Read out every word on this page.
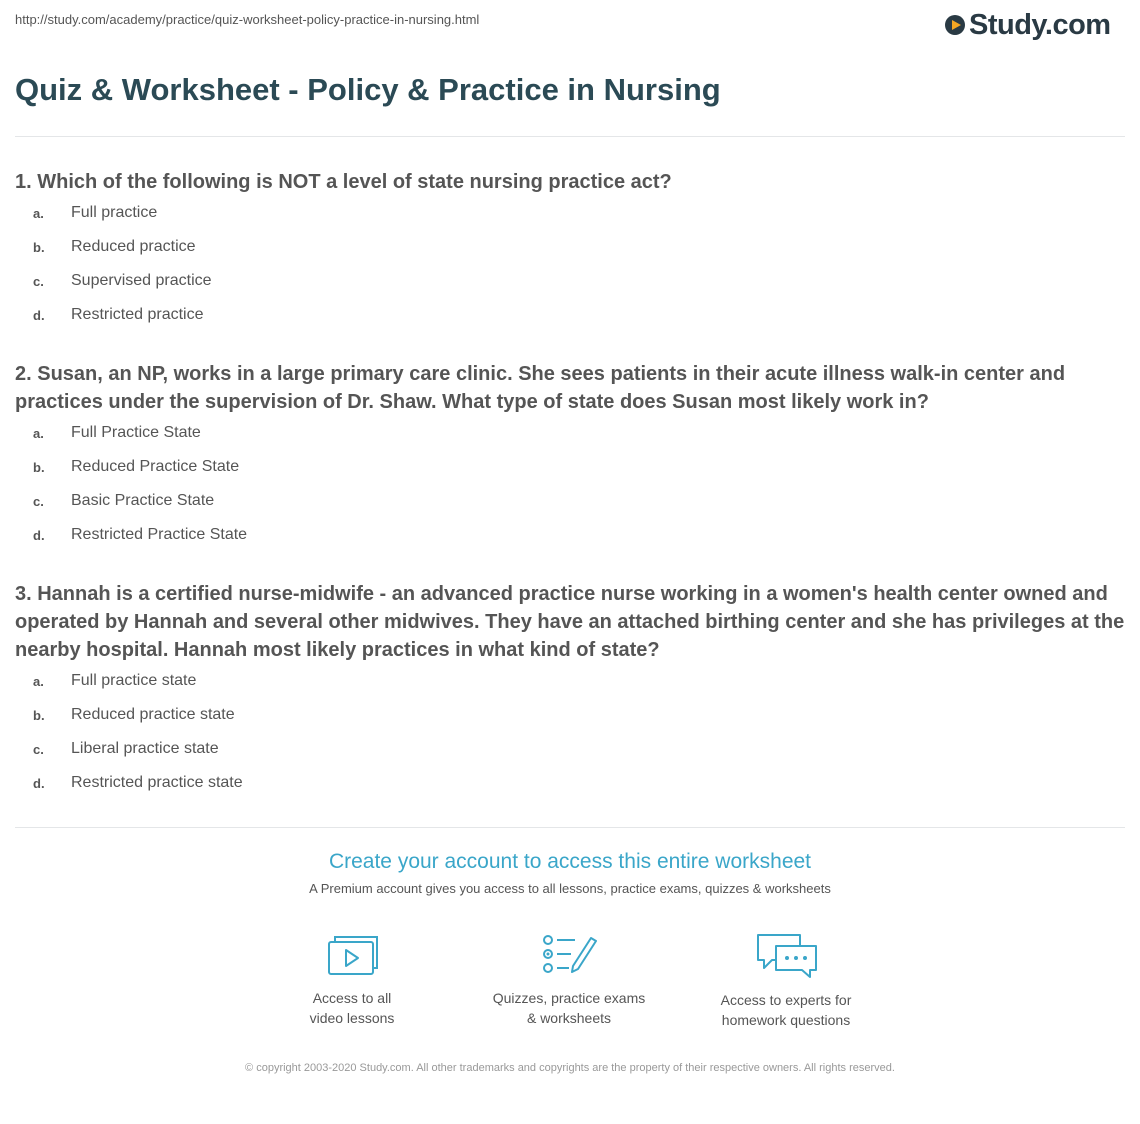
http://study.com/academy/practice/quiz-worksheet-policy-practice-in-nursing.html	Study.com
Quiz & Worksheet - Policy & Practice in Nursing

1. Which of the following is NOT a level of state nursing practice act?

a.	Full practice
b.	Reduced practice
c.	Supervised practice
d.	Restricted practice

2. Susan, an NP, works in a large primary care clinic. She sees patients in their acute illness walk-in center and practices under the supervision of Dr. Shaw. What type of state does Susan most likely work in?

a.	Full Practice State
b.	Reduced Practice State
c.	Basic Practice State
d.	Restricted Practice State

3. Hannah is a certified nurse-midwife - an advanced practice nurse working in a women's health center owned and operated by Hannah and several other midwives. They have an attached birthing center and she has privileges at the nearby hospital. Hannah most likely practices in what kind of state?

a.	Full practice state
b.	Reduced practice state
c.	Liberal practice state
d.	Restricted practice state
Create your account to access this entire worksheet
A Premium account gives you access to all lessons, practice exams, quizzes & worksheets
Access to all
video lessons
Quizzes, practice exams
& worksheets
Access to experts for
homework questions
© copyright 2003-2020 Study.com. All other trademarks and copyrights are the property of their respective owners. All rights reserved.
